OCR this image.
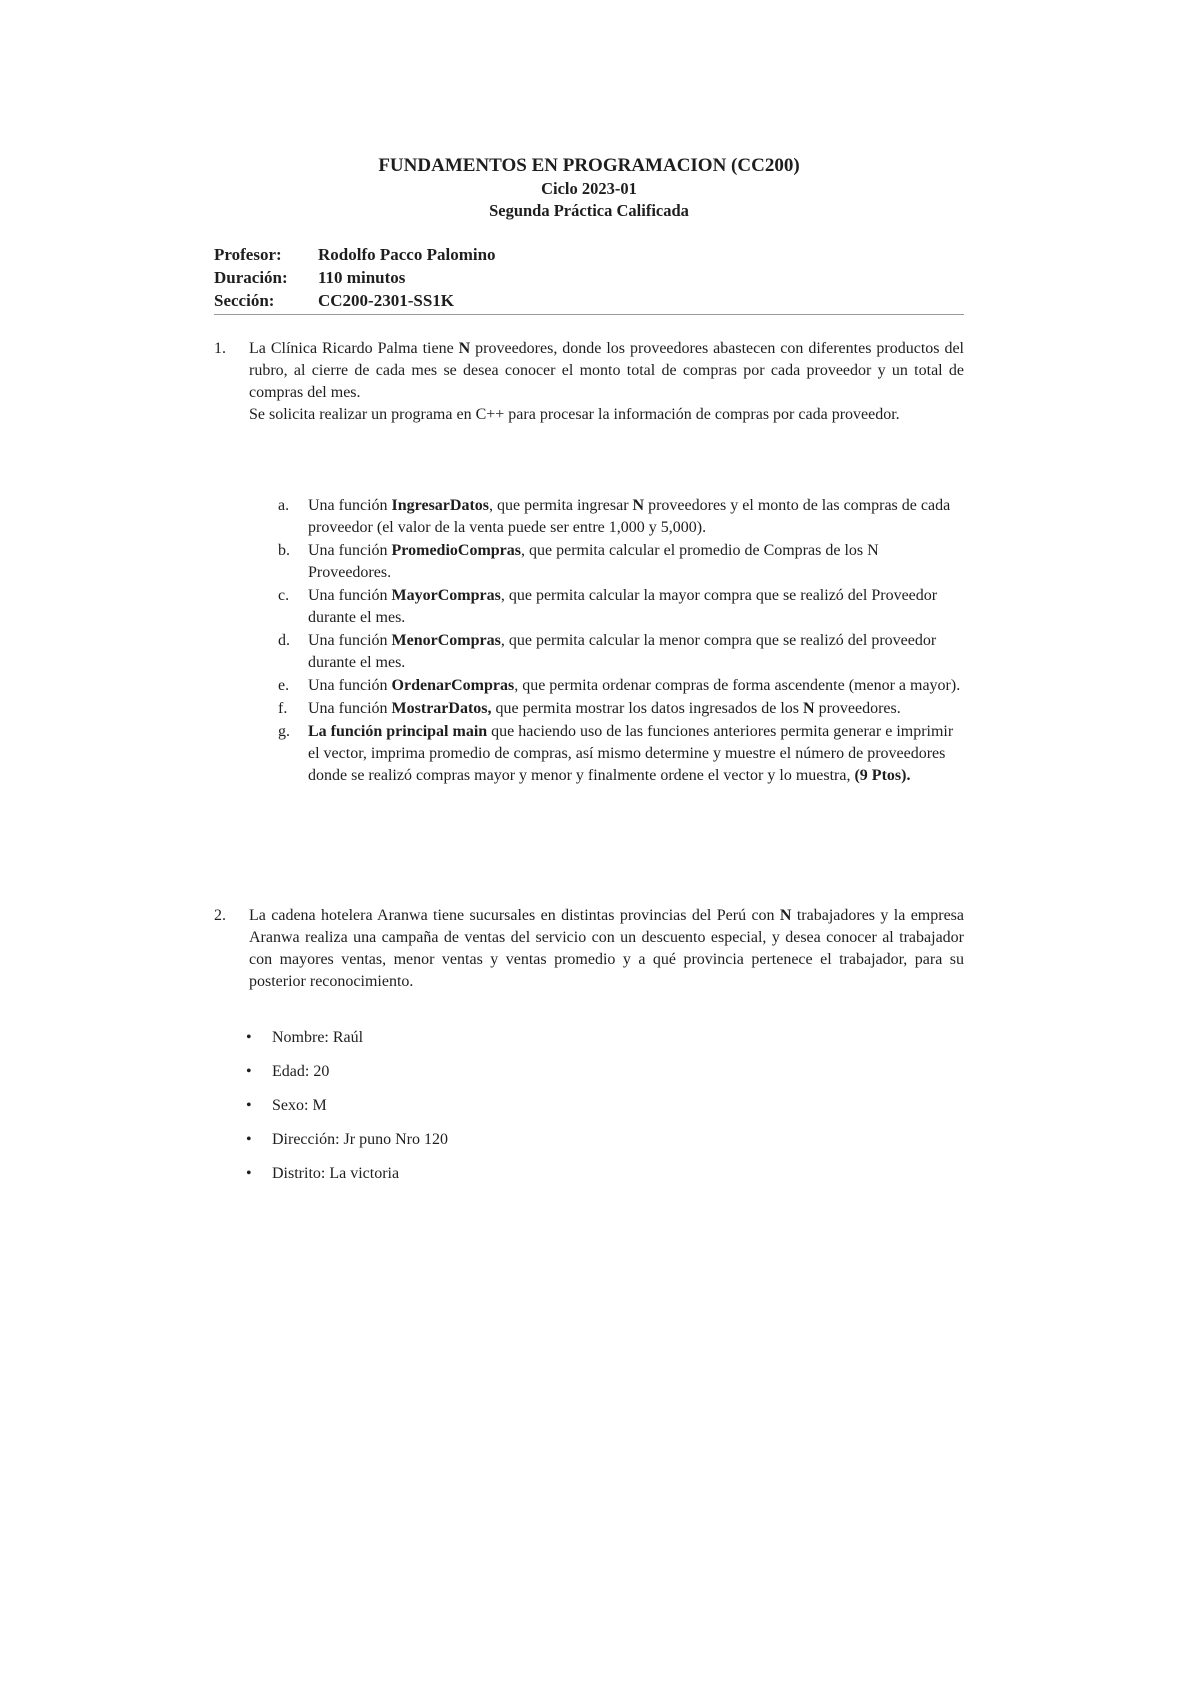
FUNDAMENTOS EN PROGRAMACION (CC200)
Ciclo 2023-01
Segunda Práctica Calificada
Profesor:	Rodolfo Pacco Palomino
Duración:	110 minutos
Sección:	CC200-2301-SS1K
1.	La Clínica Ricardo Palma tiene N proveedores, donde los proveedores abastecen con diferentes productos del rubro, al cierre de cada mes se desea conocer el monto total de compras por cada proveedor y un total de compras del mes.
Se solicita realizar un programa en C++ para procesar la información de compras por cada proveedor.
a.	Una función IngresarDatos, que permita ingresar N proveedores y el monto de las compras de cada proveedor (el valor de la venta puede ser entre 1,000 y 5,000).
b.	Una función PromedioCompras, que permita calcular el promedio de Compras de los N Proveedores.
c.	Una función MayorCompras, que permita calcular la mayor compra que se realizó del Proveedor durante el mes.
d.	Una función MenorCompras, que permita calcular la menor compra que se realizó del proveedor durante el mes.
e.	Una función OrdenarCompras, que permita ordenar compras de forma ascendente (menor a mayor).
f.	Una función MostrarDatos, que permita mostrar los datos ingresados de los N proveedores.
g.	La función principal main que haciendo uso de las funciones anteriores permita generar e imprimir el vector, imprima promedio de compras, así mismo determine y muestre el número de proveedores donde se realizó compras mayor y menor y finalmente ordene el vector y lo muestra, (9 Ptos).
2.	La cadena hotelera Aranwa tiene sucursales en distintas provincias del Perú con N trabajadores y la empresa Aranwa realiza una campaña de ventas del servicio con un descuento especial, y desea conocer al trabajador con mayores ventas, menor ventas y ventas promedio y a qué provincia pertenece el trabajador, para su posterior reconocimiento.
•	Nombre: Raúl
•	Edad: 20
•	Sexo: M
•	Dirección: Jr puno Nro 120
•	Distrito: La victoria
